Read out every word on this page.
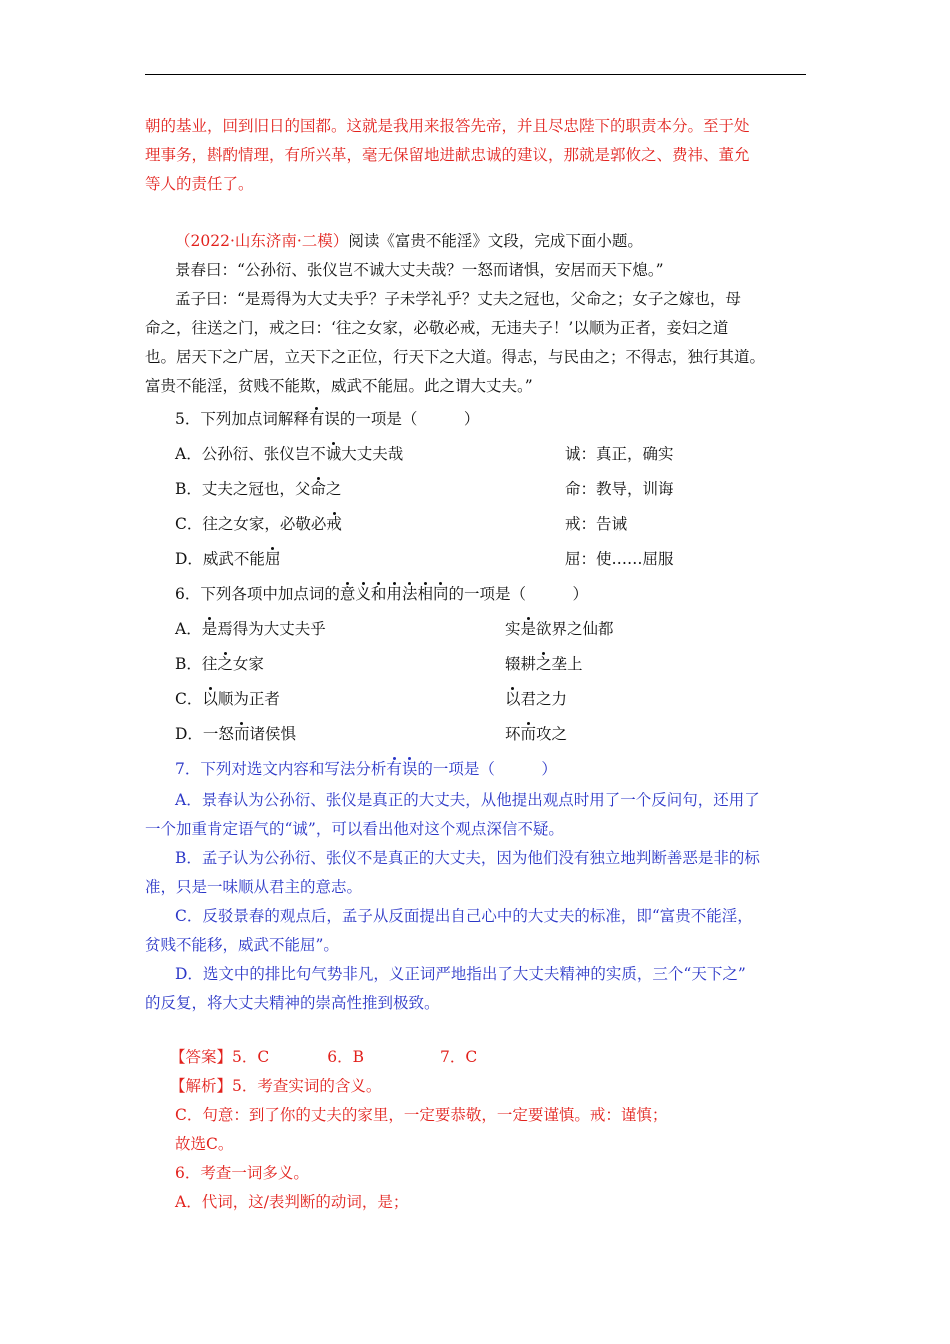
朝的基业，回到旧日的国都。这就是我用来报答先帝，并且尽忠陛下的职责本分。至于处
理事务，斟酌情理，有所兴革，毫无保留地进献忠诚的建议，那就是郭攸之、费祎、董允
等人的责任了。
（2022·山东济南·二模）阅读《富贵不能淫》文段，完成下面小题。
景春曰：“公孙衍、张仪岂不诚大丈夫哉？一怒而诸惧，安居而天下熄。”
孟子曰：“是焉得为大丈夫乎？子未学礼乎？丈夫之冠也，父命之；女子之嫁也，母
命之，往送之门，戒之曰：‘往之女家，必敬必戒，无违夫子！’以顺为正者，妾妇之道
也。居天下之广居，立天下之正位，行天下之大道。得志，与民由之；不得志，独行其道。
富贵不能淫，贫贱不能欺，威武不能屈。此之谓大丈夫。”
5．下列加点词解释有误的一项是（　　　）
A．公孙衍、张仪岂不诚大丈夫哉	诚：真正，确实
B．丈夫之冠也，父命之	命：教导，训诲
C．往之女家，必敬必戒	戒：告诫
D．威武不能屈	屈：使……屈服
6．下列各项中加点词的意义和用法相同的一项是（　　　）
A．是焉得为大丈夫乎	实是欲界之仙都
B．往之女家	辍耕之垄上
C．以顺为正者	以君之力
D．一怒而诸侯惧	环而攻之
7．下列对选文内容和写法分析有误的一项是（　　　）
A．景春认为公孙衍、张仪是真正的大丈夫，从他提出观点时用了一个反问句，还用了
一个加重肯定语气的“诚”，可以看出他对这个观点深信不疑。
B．孟子认为公孙衍、张仪不是真正的大丈夫，因为他们没有独立地判断善恶是非的标
准，只是一味顺从君主的意志。
C．反驳景春的观点后，孟子从反面提出自己心中的大丈夫的标准，即“富贵不能淫，
贫贱不能移，威武不能屈”。
D．选文中的排比句气势非凡，义正词严地指出了大丈夫精神的实质，三个“天下之”
的反复，将大丈夫精神的崇高性推到极致。
【答案】5．C	6．B	7．C
【解析】5．考查实词的含义。
C．句意：到了你的丈夫的家里，一定要恭敬，一定要谨慎。戒：谨慎；
故选C。
6．考查一词多义。
A．代词，这/表判断的动词，是；
